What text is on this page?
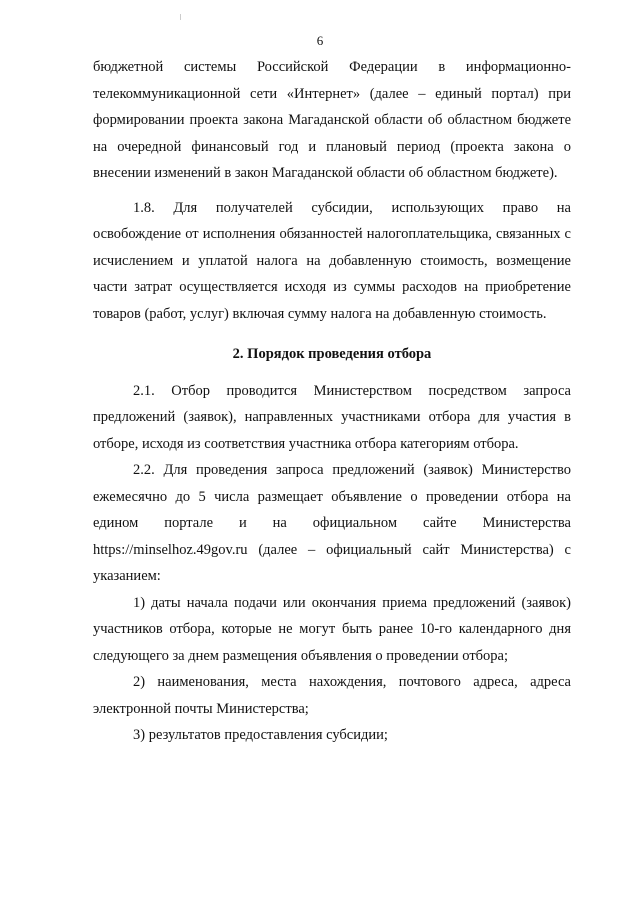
6

бюджетной системы Российской Федерации в информационно-телекоммуникационной сети «Интернет» (далее – единый портал) при формировании проекта закона Магаданской области об областном бюджете на очередной финансовый год и плановый период (проекта закона о внесении изменений в закон Магаданской области об областном бюджете).

1.8. Для получателей субсидии, использующих право на освобождение от исполнения обязанностей налогоплательщика, связанных с исчислением и уплатой налога на добавленную стоимость, возмещение части затрат осуществляется исходя из суммы расходов на приобретение товаров (работ, услуг) включая сумму налога на добавленную стоимость.

2. Порядок проведения отбора

2.1. Отбор проводится Министерством посредством запроса предложений (заявок), направленных участниками отбора для участия в отборе, исходя из соответствия участника отбора категориям отбора.

2.2. Для проведения запроса предложений (заявок) Министерство ежемесячно до 5 числа размещает объявление о проведении отбора на едином портале и на официальном сайте Министерства https://minselhoz.49gov.ru (далее – официальный сайт Министерства) с указанием:

1) даты начала подачи или окончания приема предложений (заявок) участников отбора, которые не могут быть ранее 10-го календарного дня следующего за днем размещения объявления о проведении отбора;

2) наименования, места нахождения, почтового адреса, адреса электронной почты Министерства;

3) результатов предоставления субсидии;
